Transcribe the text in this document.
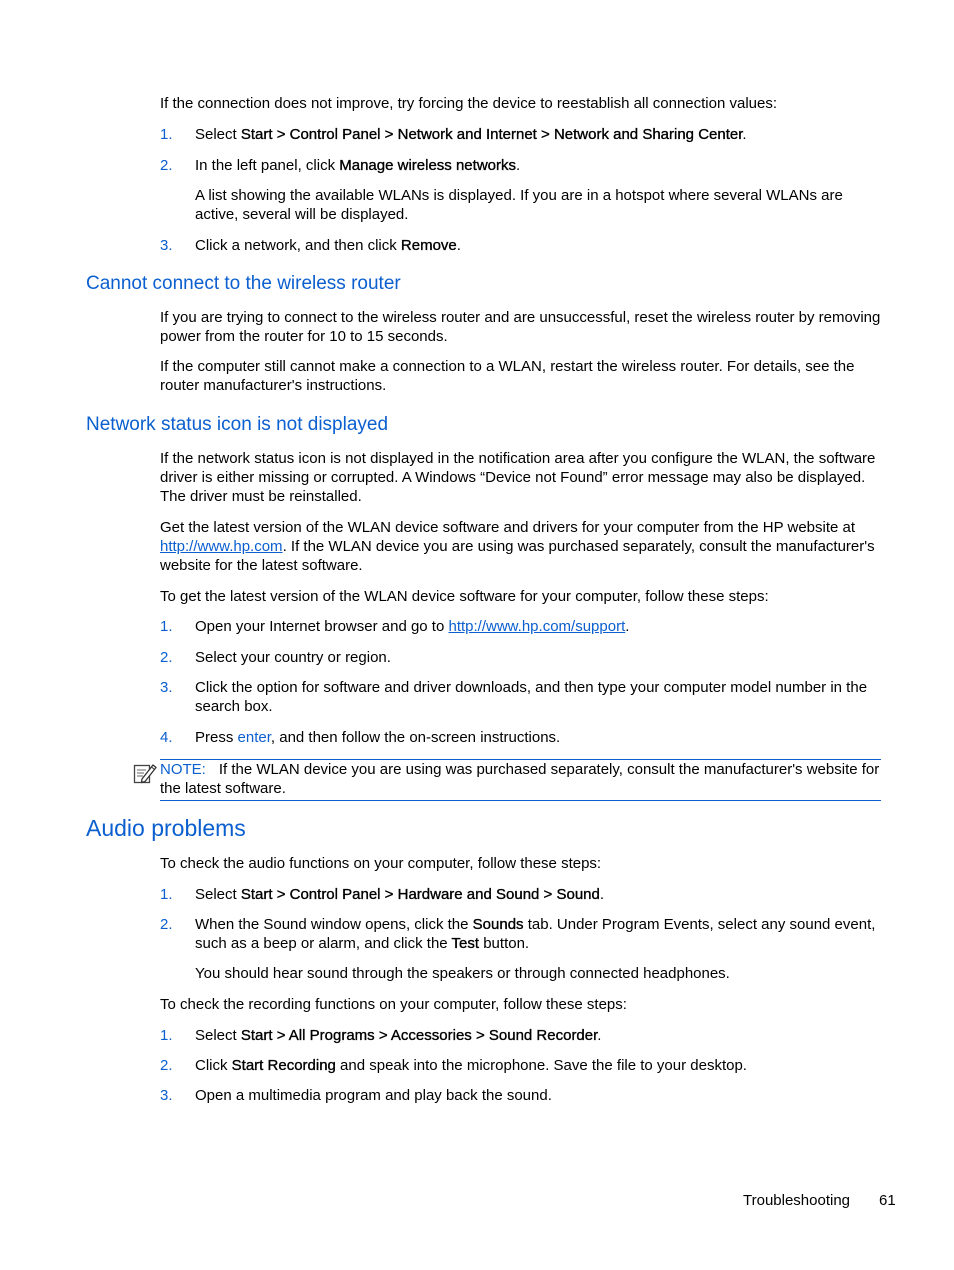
If the connection does not improve, try forcing the device to reestablish all connection values:
1. Select Start > Control Panel > Network and Internet > Network and Sharing Center.
2. In the left panel, click Manage wireless networks.
A list showing the available WLANs is displayed. If you are in a hotspot where several WLANs are active, several will be displayed.
3. Click a network, and then click Remove.
Cannot connect to the wireless router
If you are trying to connect to the wireless router and are unsuccessful, reset the wireless router by removing power from the router for 10 to 15 seconds.
If the computer still cannot make a connection to a WLAN, restart the wireless router. For details, see the router manufacturer's instructions.
Network status icon is not displayed
If the network status icon is not displayed in the notification area after you configure the WLAN, the software driver is either missing or corrupted. A Windows “Device not Found” error message may also be displayed. The driver must be reinstalled.
Get the latest version of the WLAN device software and drivers for your computer from the HP website at http://www.hp.com. If the WLAN device you are using was purchased separately, consult the manufacturer's website for the latest software.
To get the latest version of the WLAN device software for your computer, follow these steps:
1. Open your Internet browser and go to http://www.hp.com/support.
2. Select your country or region.
3. Click the option for software and driver downloads, and then type your computer model number in the search box.
4. Press enter, and then follow the on-screen instructions.
NOTE: If the WLAN device you are using was purchased separately, consult the manufacturer's website for the latest software.
Audio problems
To check the audio functions on your computer, follow these steps:
1. Select Start > Control Panel > Hardware and Sound > Sound.
2. When the Sound window opens, click the Sounds tab. Under Program Events, select any sound event, such as a beep or alarm, and click the Test button.
You should hear sound through the speakers or through connected headphones.
To check the recording functions on your computer, follow these steps:
1. Select Start > All Programs > Accessories > Sound Recorder.
2. Click Start Recording and speak into the microphone. Save the file to your desktop.
3. Open a multimedia program and play back the sound.
Troubleshooting 61
